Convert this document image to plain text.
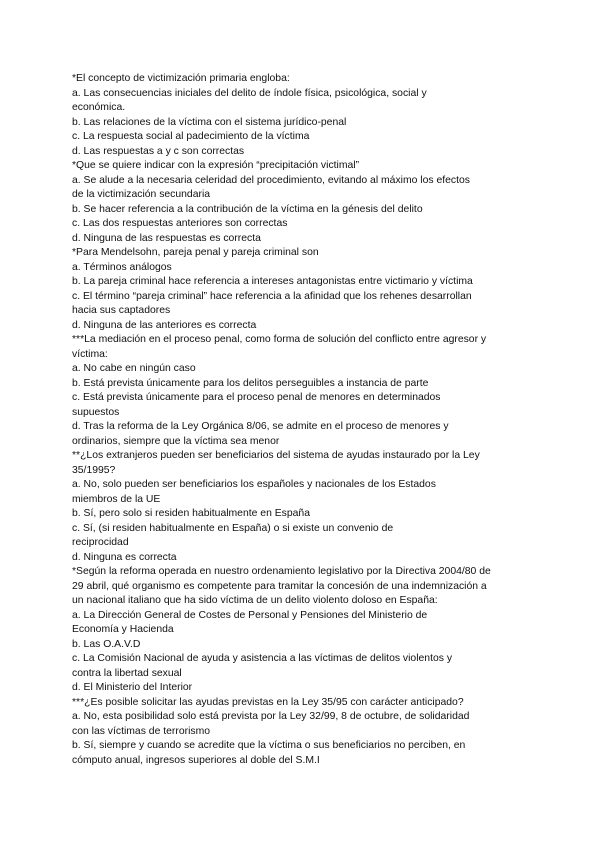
*El concepto de victimización primaria engloba:
a. Las consecuencias iniciales del delito de índole física, psicológica, social y
económica.
b. Las relaciones de la víctima con el sistema jurídico-penal
c. La respuesta social al padecimiento de la víctima
d. Las respuestas a y c son correctas
*Que se quiere indicar con la expresión “precipitación victimal”
a. Se alude a la necesaria celeridad del procedimiento, evitando al máximo los efectos
de la victimización secundaria
b. Se hacer referencia a la contribución de la víctima en la génesis del delito
c. Las dos respuestas anteriores son correctas
d. Ninguna de las respuestas es correcta
*Para Mendelsohn, pareja penal y pareja criminal son
a. Términos análogos
b. La pareja criminal hace referencia a intereses antagonistas entre victimario y víctima
c. El término “pareja criminal” hace referencia a la afinidad que los rehenes desarrollan
hacia sus captadores
d. Ninguna de las anteriores es correcta
***La mediación en el proceso penal, como forma de solución del conflicto entre agresor y
víctima:
a. No cabe en ningún caso
b. Está prevista únicamente para los delitos perseguibles a instancia de parte
c. Está prevista únicamente para el proceso penal de menores en determinados
supuestos
d. Tras la reforma de la Ley Orgánica 8/06, se admite en el proceso de menores y
ordinarios, siempre que la víctima sea menor
**¿Los extranjeros pueden ser beneficiarios del sistema de ayudas instaurado por la Ley
35/1995?
a. No, solo pueden ser beneficiarios los españoles y nacionales de los Estados
miembros de la UE
b. Sí, pero solo si residen habitualmente en España
c. Sí, (si residen habitualmente en España) o si existe un convenio de
reciprocidad
d. Ninguna es correcta
*Según la reforma operada en nuestro ordenamiento legislativo por la Directiva 2004/80 de
29 abril, qué organismo es competente para tramitar la concesión de una indemnización a
un nacional italiano que ha sido víctima de un delito violento doloso en España:
a. La Dirección General de Costes de Personal y Pensiones del Ministerio de
Economía y Hacienda
b. Las O.A.V.D
c. La Comisión Nacional de ayuda y asistencia a las víctimas de delitos violentos y
contra la libertad sexual
d. El Ministerio del Interior
***¿Es posible solicitar las ayudas previstas en la Ley 35/95 con carácter anticipado?
a. No, esta posibilidad solo está prevista por la Ley 32/99, 8 de octubre, de solidaridad
con las víctimas de terrorismo
b. Sí, siempre y cuando se acredite que la víctima o sus beneficiarios no perciben, en
cómputo anual, ingresos superiores al doble del S.M.I
